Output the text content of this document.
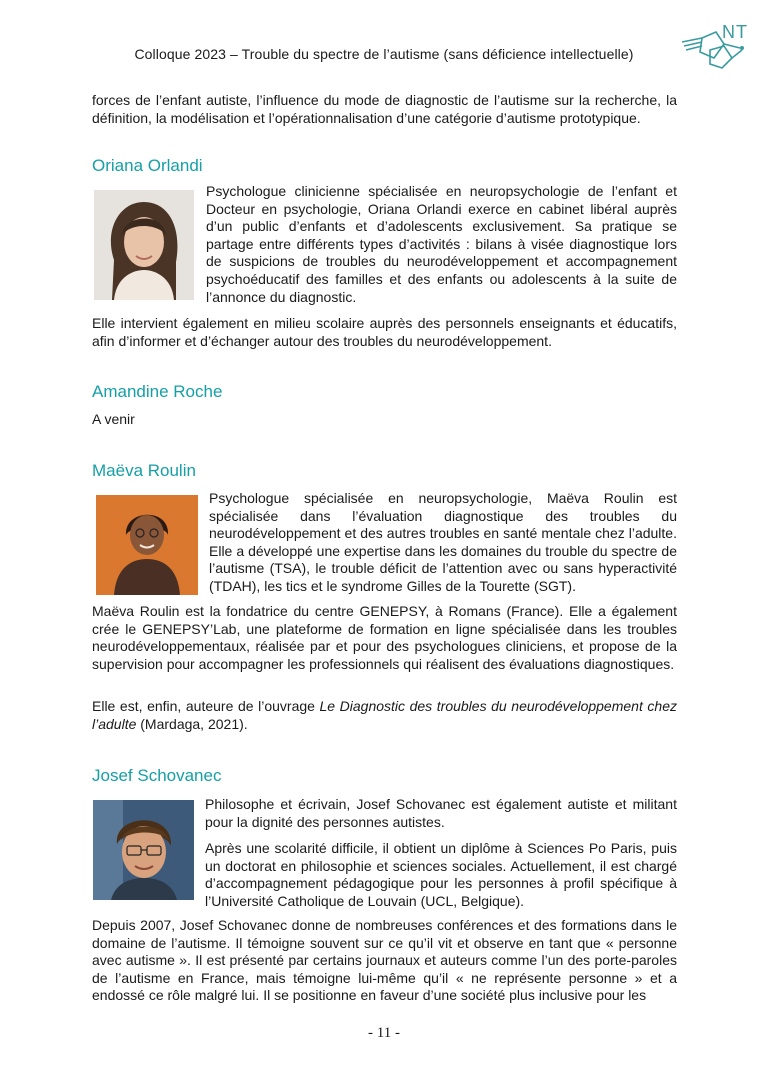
Colloque 2023 – Trouble du spectre de l’autisme (sans déficience intellectuelle)
NT

forces de l’enfant autiste, l’influence du mode de diagnostic de l’autisme sur la recherche, la définition, la modélisation et l’opérationnalisation d’une catégorie d’autisme prototypique.

Oriana Orlandi

Psychologue clinicienne spécialisée en neuropsychologie de l’enfant et Docteur en psychologie, Oriana Orlandi exerce en cabinet libéral auprès d’un public d’enfants et d’adolescents exclusivement. Sa pratique se partage entre différents types d’activités : bilans à visée diagnostique lors de suspicions de troubles du neurodéveloppement et accompagnement psychoéducatif des familles et des enfants ou adolescents à la suite de l’annonce du diagnostic.

Elle intervient également en milieu scolaire auprès des personnels enseignants et éducatifs, afin d’informer et d’échanger autour des troubles du neurodéveloppement.

Amandine Roche

A venir

Maëva Roulin

Psychologue spécialisée en neuropsychologie, Maëva Roulin est spécialisée dans l’évaluation diagnostique des troubles du neurodéveloppement et des autres troubles en santé mentale chez l’adulte. Elle a développé une expertise dans les domaines du trouble du spectre de l’autisme (TSA), le trouble déficit de l’attention avec ou sans hyperactivité (TDAH), les tics et le syndrome Gilles de la Tourette (SGT).

Maëva Roulin est la fondatrice du centre GENEPSY, à Romans (France). Elle a également crée le GENEPSY’Lab, une plateforme de formation en ligne spécialisée dans les troubles neurodéveloppementaux, réalisée par et pour des psychologues cliniciens, et propose de la supervision pour accompagner les professionnels qui réalisent des évaluations diagnostiques.

Elle est, enfin, auteure de l’ouvrage Le Diagnostic des troubles du neurodéveloppement chez l’adulte (Mardaga, 2021).

Josef Schovanec

Philosophe et écrivain, Josef Schovanec est également autiste et militant pour la dignité des personnes autistes.

Après une scolarité difficile, il obtient un diplôme à Sciences Po Paris, puis un doctorat en philosophie et sciences sociales. Actuellement, il est chargé d’accompagnement pédagogique pour les personnes à profil spécifique à l’Université Catholique de Louvain (UCL, Belgique).

Depuis 2007, Josef Schovanec donne de nombreuses conférences et des formations dans le domaine de l’autisme. Il témoigne souvent sur ce qu’il vit et observe en tant que « personne avec autisme ». Il est présenté par certains journaux et auteurs comme l’un des porte-paroles de l’autisme en France, mais témoigne lui-même qu’il « ne représente personne » et a endossé ce rôle malgré lui. Il se positionne en faveur d’une société plus inclusive pour les

- 11 -
